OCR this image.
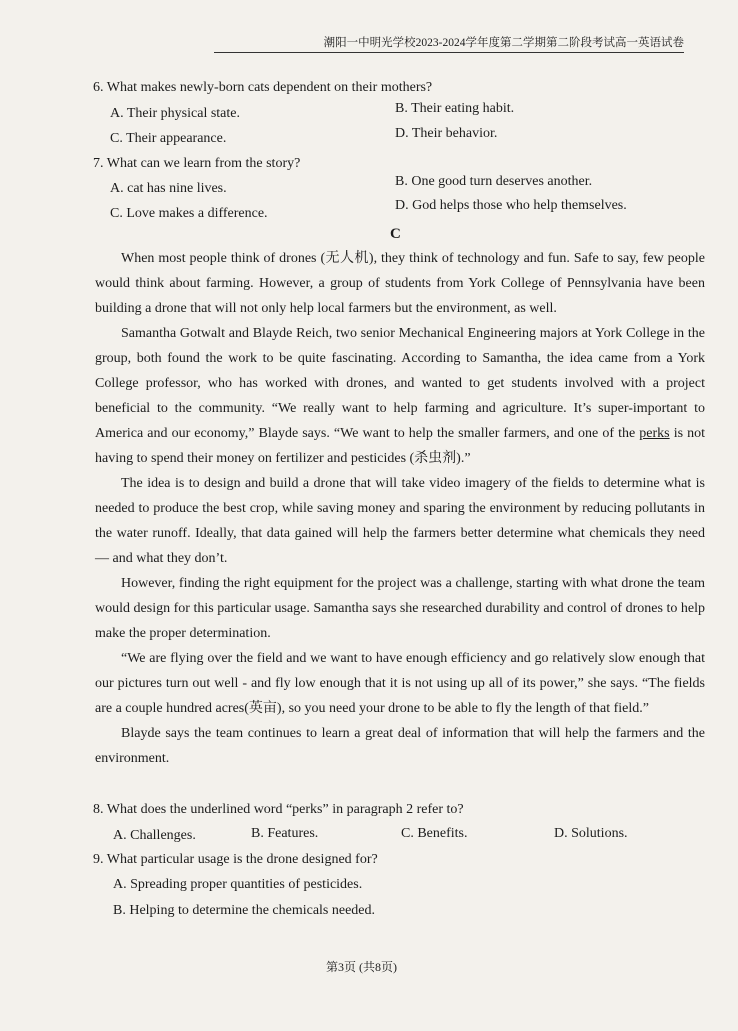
潮阳一中明光学校2023-2024学年度第二学期第二阶段考试高一英语试卷
6. What makes newly-born cats dependent on their mothers?
A. Their physical state.	B. Their eating habit.
C. Their appearance.	D. Their behavior.
7. What can we learn from the story?
A. cat has nine lives.	B. One good turn deserves another.
C. Love makes a difference.
D. God helps those who help themselves.
C

When most people think of drones (无人机), they think of technology and fun. Safe to say, few people would think about farming. However, a group of students from York College of Pennsylvania have been building a drone that will not only help local farmers but the environment, as well.

Samantha Gotwalt and Blayde Reich, two senior Mechanical Engineering majors at York College in the group, both found the work to be quite fascinating. According to Samantha, the idea came from a York College professor, who has worked with drones, and wanted to get students involved with a project beneficial to the community. “We really want to help farming and agriculture. It’s super-important to America and our economy,” Blayde says. “We want to help the smaller farmers, and one of the perks is not having to spend their money on fertilizer and pesticides (杀虫剂).”

The idea is to design and build a drone that will take video imagery of the fields to determine what is needed to produce the best crop, while saving money and sparing the environment by reducing pollutants in the water runoff. Ideally, that data gained will help the farmers better determine what chemicals they need — and what they don’t.

However, finding the right equipment for the project was a challenge, starting with what drone the team would design for this particular usage. Samantha says she researched durability and control of drones to help make the proper determination.

“We are flying over the field and we want to have enough efficiency and go relatively slow enough that our pictures turn out well - and fly low enough that it is not using up all of its power,” she says. “The fields are a couple hundred acres(英亩), so you need your drone to be able to fly the length of that field.”

Blayde says the team continues to learn a great deal of information that will help the farmers and the environment.

8. What does the underlined word “perks” in paragraph 2 refer to?
A. Challenges.	B. Features.	C. Benefits.	D. Solutions.
9. What particular usage is the drone designed for?
A. Spreading proper quantities of pesticides.
B. Helping to determine the chemicals needed.
第3页 (共8页)
